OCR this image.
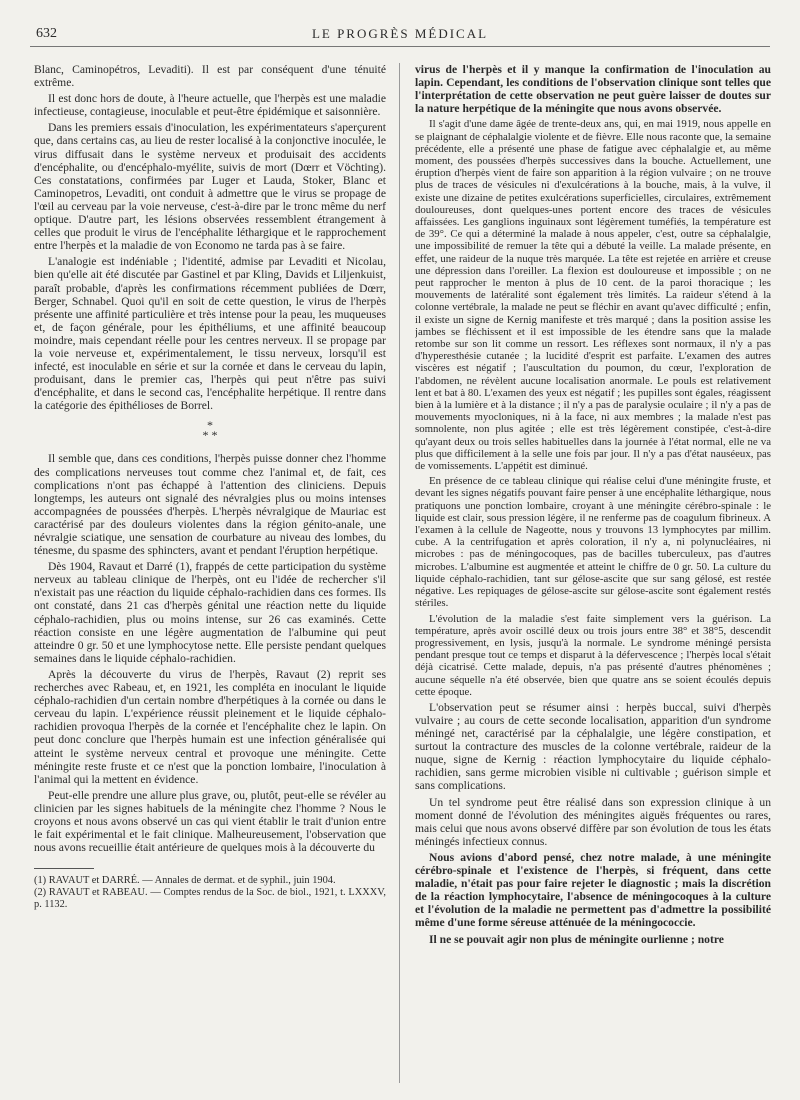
632	LE PROGRÈS MÉDICAL

Blanc, Caminopétros, Levaditi). Il est par conséquent d'une ténuité extrême.

Il est donc hors de doute, à l'heure actuelle, que l'herpès est une maladie infectieuse, contagieuse, inoculable et peut-être épidémique et saisonnière.

Dans les premiers essais d'inoculation, les expérimentateurs s'aperçurent que, dans certains cas, au lieu de rester localisé à la conjonctive inoculée, le virus diffusait dans le système nerveux et produisait des accidents d'encéphalite, ou d'encéphalo-myélite, suivis de mort (Dœrr et Vöchting). Ces constatations, confirmées par Luger et Lauda, Stoker, Blanc et Caminopetros, Levaditi, ont conduit à admettre que le virus se propage de l'œil au cerveau par la voie nerveuse, c'est-à-dire par le tronc même du nerf optique. D'autre part, les lésions observées ressemblent étrangement à celles que produit le virus de l'encéphalite léthargique et le rapprochement entre l'herpès et la maladie de von Economo ne tarda pas à se faire.

L'analogie est indéniable ; l'identité, admise par Levaditi et Nicolau, bien qu'elle ait été discutée par Gastinel et par Kling, Davids et Liljenkuist, paraît probable, d'après les confirmations récemment publiées de Dœrr, Berger, Schnabel. Quoi qu'il en soit de cette question, le virus de l'herpès présente une affinité particulière et très intense pour la peau, les muqueuses et, de façon générale, pour les épithéliums, et une affinité beaucoup moindre, mais cependant réelle pour les centres nerveux. Il se propage par la voie nerveuse et, expérimentalement, le tissu nerveux, lorsqu'il est infecté, est inoculable en série et sur la cornée et dans le cerveau du lapin, produisant, dans le premier cas, l'herpès qui peut n'être pas suivi d'encéphalite, et dans le second cas, l'encéphalite herpétique. Il rentre dans la catégorie des épithélioses de Borrel.

*
* *

Il semble que, dans ces conditions, l'herpès puisse donner chez l'homme des complications nerveuses tout comme chez l'animal et, de fait, ces complications n'ont pas échappé à l'attention des cliniciens. Depuis longtemps, les auteurs ont signalé des névralgies plus ou moins intenses accompagnées de poussées d'herpès. L'herpès névralgique de Mauriac est caractérisé par des douleurs violentes dans la région génito-anale, une névralgie sciatique, une sensation de courbature au niveau des lombes, du ténesme, du spasme des sphincters, avant et pendant l'éruption herpétique.

Dès 1904, Ravaut et Darré (1), frappés de cette participation du système nerveux au tableau clinique de l'herpès, ont eu l'idée de rechercher s'il n'existait pas une réaction du liquide céphalo-rachidien dans ces formes. Ils ont constaté, dans 21 cas d'herpès génital une réaction nette du liquide céphalo-rachidien, plus ou moins intense, sur 26 cas examinés. Cette réaction consiste en une légère augmentation de l'albumine qui peut atteindre 0 gr. 50 et une lymphocytose nette. Elle persiste pendant quelques semaines dans le liquide céphalo-rachidien.

Après la découverte du virus de l'herpès, Ravaut (2) reprit ses recherches avec Rabeau, et, en 1921, les compléta en inoculant le liquide céphalo-rachidien d'un certain nombre d'herpétiques à la cornée ou dans le cerveau du lapin. L'expérience réussit pleinement et le liquide céphalo-rachidien provoqua l'herpès de la cornée et l'encéphalite chez le lapin. On peut donc conclure que l'herpès humain est une infection généralisée qui atteint le système nerveux central et provoque une méningite. Cette méningite reste fruste et ce n'est que la ponction lombaire, l'inoculation à l'animal qui la mettent en évidence.

Peut-elle prendre une allure plus grave, ou, plutôt, peut-elle se révéler au clinicien par les signes habituels de la méningite chez l'homme ? Nous le croyons et nous avons observé un cas qui vient établir le trait d'union entre le fait expérimental et le fait clinique. Malheureusement, l'observation que nous avons recueillie était antérieure de quelques mois à la découverte du

(1) RAVAUT et DARRÉ. — Annales de dermat. et de syphil., juin 1904.

(2) RAVAUT et RABEAU. — Comptes rendus de la Soc. de biol., 1921, t. LXXXV, p. 1132.

virus de l'herpès et il y manque la confirmation de l'inoculation au lapin. Cependant, les conditions de l'observation clinique sont telles que l'interprétation de cette observation ne peut guère laisser de doutes sur la nature herpétique de la méningite que nous avons observée.

Il s'agit d'une dame âgée de trente-deux ans, qui, en mai 1919, nous appelle en se plaignant de céphalalgie violente et de fièvre. Elle nous raconte que, la semaine précédente, elle a présenté une phase de fatigue avec céphalalgie et, au même moment, des poussées d'herpès successives dans la bouche. Actuellement, une éruption d'herpès vient de faire son apparition à la région vulvaire ; on ne trouve plus de traces de vésicules ni d'exulcérations à la bouche, mais, à la vulve, il existe une dizaine de petites exulcérations superficielles, circulaires, extrêmement douloureuses, dont quelques-unes portent encore des traces de vésicules affaissées. Les ganglions inguinaux sont légèrement tuméfiés, la température est de 39°. Ce qui a déterminé la malade à nous appeler, c'est, outre sa céphalalgie, une impossibilité de remuer la tête qui a débuté la veille. La malade présente, en effet, une raideur de la nuque très marquée. La tête est rejetée en arrière et creuse une dépression dans l'oreiller. La flexion est douloureuse et impossible ; on ne peut rapprocher le menton à plus de 10 cent. de la paroi thoracique ; les mouvements de latéralité sont également très limités. La raideur s'étend à la colonne vertébrale, la malade ne peut se fléchir en avant qu'avec difficulté ; enfin, il existe un signe de Kernig manifeste et très marqué ; dans la position assise les jambes se fléchissent et il est impossible de les étendre sans que la malade retombe sur son lit comme un ressort. Les réflexes sont normaux, il n'y a pas d'hyperesthésie cutanée ; la lucidité d'esprit est parfaite. L'examen des autres viscères est négatif ; l'auscultation du poumon, du cœur, l'exploration de l'abdomen, ne révèlent aucune localisation anormale. Le pouls est relativement lent et bat à 80. L'examen des yeux est négatif ; les pupilles sont égales, réagissent bien à la lumière et à la distance ; il n'y a pas de paralysie oculaire ; il n'y a pas de mouvements myocloniques, ni à la face, ni aux membres ; la malade n'est pas somnolente, non plus agitée ; elle est très légèrement constipée, c'est-à-dire qu'ayant deux ou trois selles habituelles dans la journée à l'état normal, elle ne va plus que difficilement à la selle une fois par jour. Il n'y a pas d'état nauséeux, pas de vomissements. L'appétit est diminué.

En présence de ce tableau clinique qui réalise celui d'une méningite fruste, et devant les signes négatifs pouvant faire penser à une encéphalite léthargique, nous pratiquons une ponction lombaire, croyant à une méningite cérébro-spinale : le liquide est clair, sous pression légère, il ne renferme pas de coagulum fibrineux. A l'examen à la cellule de Nageotte, nous y trouvons 13 lymphocytes par millim. cube. A la centrifugation et après coloration, il n'y a, ni polynucléaires, ni microbes : pas de méningocoques, pas de bacilles tuberculeux, pas d'autres microbes. L'albumine est augmentée et atteint le chiffre de 0 gr. 50. La culture du liquide céphalo-rachidien, tant sur gélose-ascite que sur sang gélosé, est restée négative. Les repiquages de gélose-ascite sur gélose-ascite sont également restés stériles.

L'évolution de la maladie s'est faite simplement vers la guérison. La température, après avoir oscillé deux ou trois jours entre 38° et 38°5, descendit progressivement, en lysis, jusqu'à la normale. Le syndrome méningé persista pendant presque tout ce temps et disparut à la défervescence ; l'herpès local s'était déjà cicatrisé. Cette malade, depuis, n'a pas présenté d'autres phénomènes ; aucune séquelle n'a été observée, bien que quatre ans se soient écoulés depuis cette époque.

L'observation peut se résumer ainsi : herpès buccal, suivi d'herpès vulvaire ; au cours de cette seconde localisation, apparition d'un syndrome méningé net, caractérisé par la céphalalgie, une légère constipation, et surtout la contracture des muscles de la colonne vertébrale, raideur de la nuque, signe de Kernig : réaction lymphocytaire du liquide céphalo-rachidien, sans germe microbien visible ni cultivable ; guérison simple et sans complications.

Un tel syndrome peut être réalisé dans son expression clinique à un moment donné de l'évolution des méningites aiguës fréquentes ou rares, mais celui que nous avons observé diffère par son évolution de tous les états méningés infectieux connus.

Nous avions d'abord pensé, chez notre malade, à une méningite cérébro-spinale et l'existence de l'herpès, si fréquent, dans cette maladie, n'était pas pour faire rejeter le diagnostic ; mais la discrétion de la réaction lymphocytaire, l'absence de méningocoques à la culture et l'évolution de la maladie ne permettent pas d'admettre la possibilité même d'une forme séreuse atténuée de la méningococcie.

Il ne se pouvait agir non plus de méningite ourlienne ; notre
